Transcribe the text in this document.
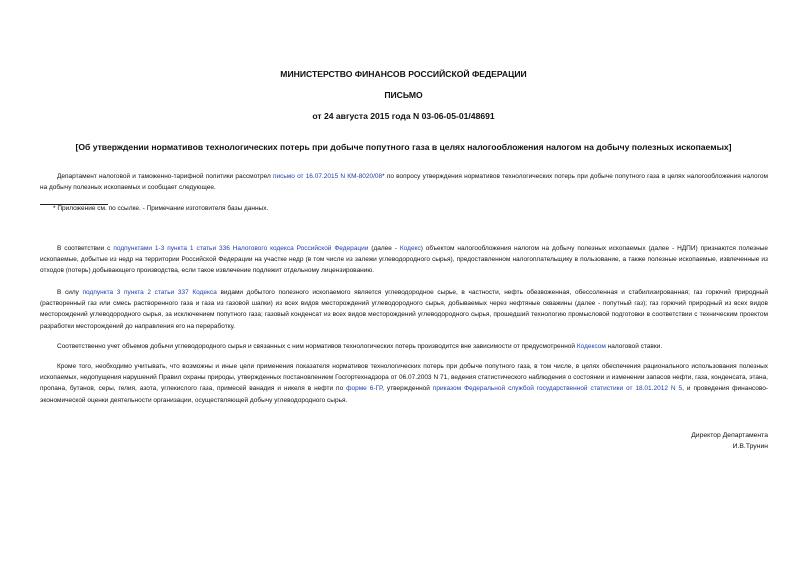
МИНИСТЕРСТВО ФИНАНСОВ РОССИЙСКОЙ ФЕДЕРАЦИИ
ПИСЬМО
от 24 августа 2015 года N 03-06-05-01/48691
[Об утверждении нормативов технологических потерь при добыче попутного газа в целях налогообложения налогом на добычу полезных ископаемых]
Департамент налоговой и таможенно-тарифной политики рассмотрел письмо от 16.07.2015 N КМ-8020/08* по вопросу утверждения нормативов технологических потерь при добыче попутного газа в целях налогообложения налогом на добычу полезных ископаемых и сообщает следующее.
* Приложение см. по ссылке. - Примечание изготовителя базы данных.
В соответствии с подпунктами 1-3 пункта 1 статьи 336 Налогового кодекса Российской Федерации (далее - Кодекс) объектом налогообложения налогом на добычу полезных ископаемых (далее - НДПИ) признаются полезные ископаемые, добытые из недр на территории Российской Федерации на участке недр (в том числе из залежи углеводородного сырья), предоставленном налогоплательщику в пользование, а также полезные ископаемые, извлеченные из отходов (потерь) добывающего производства, если такое извлечение подлежит отдельному лицензированию.
В силу подпункта 3 пункта 2 статьи 337 Кодекса видами добытого полезного ископаемого является углеводородное сырье, в частности, нефть обезвоженная, обессоленная и стабилизированная; газ горючий природный (растворенный газ или смесь растворенного газа и газа из газовой шапки) из всех видов месторождений углеводородного сырья, добываемых через нефтяные скважины (далее - попутный газ); газ горючий природный из всех видов месторождений углеводородного сырья, за исключением попутного газа; газовый конденсат из всех видов месторождений углеводородного сырья, прошедший технологию промысловой подготовки в соответствии с техническим проектом разработки месторождений до направления его на переработку.
Соответственно учет объемов добычи углеводородного сырья и связанных с ним нормативов технологических потерь производится вне зависимости от предусмотренной Кодексом налоговой ставки.
Кроме того, необходимо учитывать, что возможны и иные цели применения показателя нормативов технологических потерь при добыче попутного газа, в том числе, в целях обеспечения рационального использования полезных ископаемых, недопущения нарушений Правил охраны природы, утвержденных постановлением Госгортехнадзора от 06.07.2003 N 71, ведения статистического наблюдения о состоянии и изменении запасов нефти, газа, конденсата, этана, пропана, бутанов, серы, гелия, азота, углекислого газа, примесей ванадия и никеля в нефти по форме 6-ГР, утвержденной приказом Федеральной службой государственной статистики от 18.01.2012 N 5, и проведения финансово-экономической оценки деятельности организации, осуществляющей добычу углеводородного сырья.
Директор Департамента
И.В.Трунин
